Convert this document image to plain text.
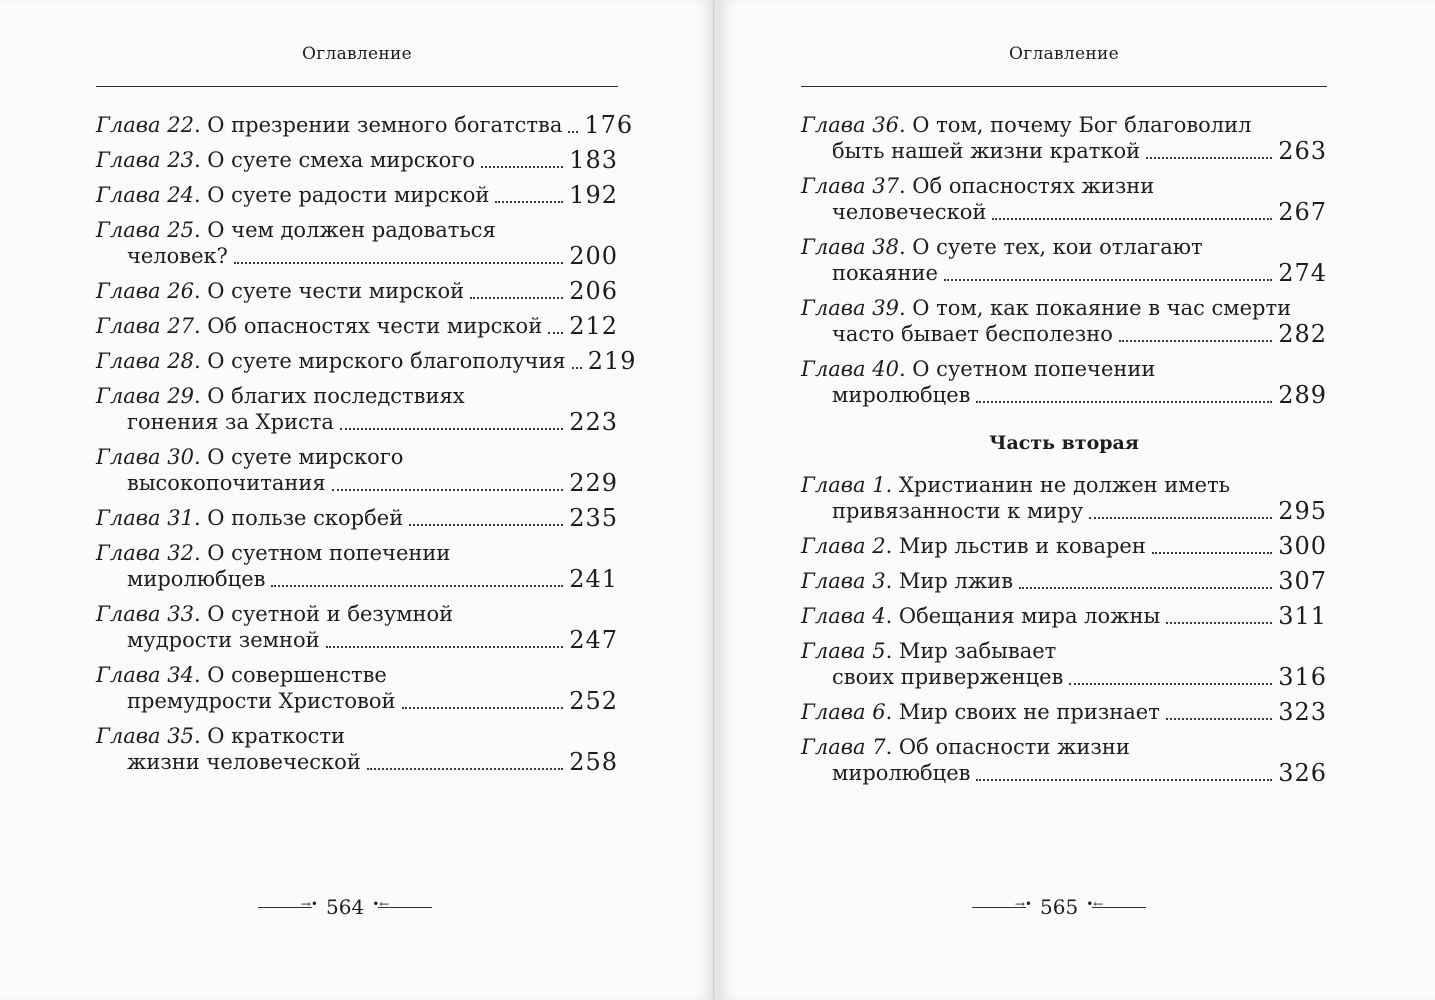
Оглавление
Глава 22. О презрении земного богатства 176
Глава 23. О суете смеха мирского	183
Глава 24. О суете радости мирской	192
Глава 25. О чем должен радоваться
человек?	200
Глава 26. О суете чести мирской	206
Глава 27. Об опасностях чести мирской 212
Глава 28. О суете мирского благополучия 219
Глава 29. О благих последствиях
гонения за Христа	223
Глава 30. О суете мирского
высокопочитания	229
Глава 31. О пользе скорбей	235
Глава 32. О суетном попечении
миролюбцев	241
Глава 33. О суетной и безумной
мудрости земной	247
Глава 34. О совершенстве
премудрости Христовой	252
Глава 35. О краткости
жизни человеческой	258
→•
564
•←
Оглавление
Глава 36. О том, почему Бог благоволил
быть нашей жизни краткой	263
Глава 37. Об опасностях жизни
человеческой	267
Глава 38. О суете тех, кои отлагают
покаяние	274
Глава 39. О том, как покаяние в час смерти
часто бывает бесполезно	282
Глава 40. О суетном попечении
миролюбцев	289
Часть вторая
Глава 1. Христианин не должен иметь
привязанности к миру	295
Глава 2. Мир льстив и коварен	300
Глава 3. Мир лжив	307
Глава 4. Обещания мира ложны	311
Глава 5. Мир забывает
своих приверженцев	316
Глава 6. Мир своих не признает	323
Глава 7. Об опасности жизни
миролюбцев	326
→•
565
•←
